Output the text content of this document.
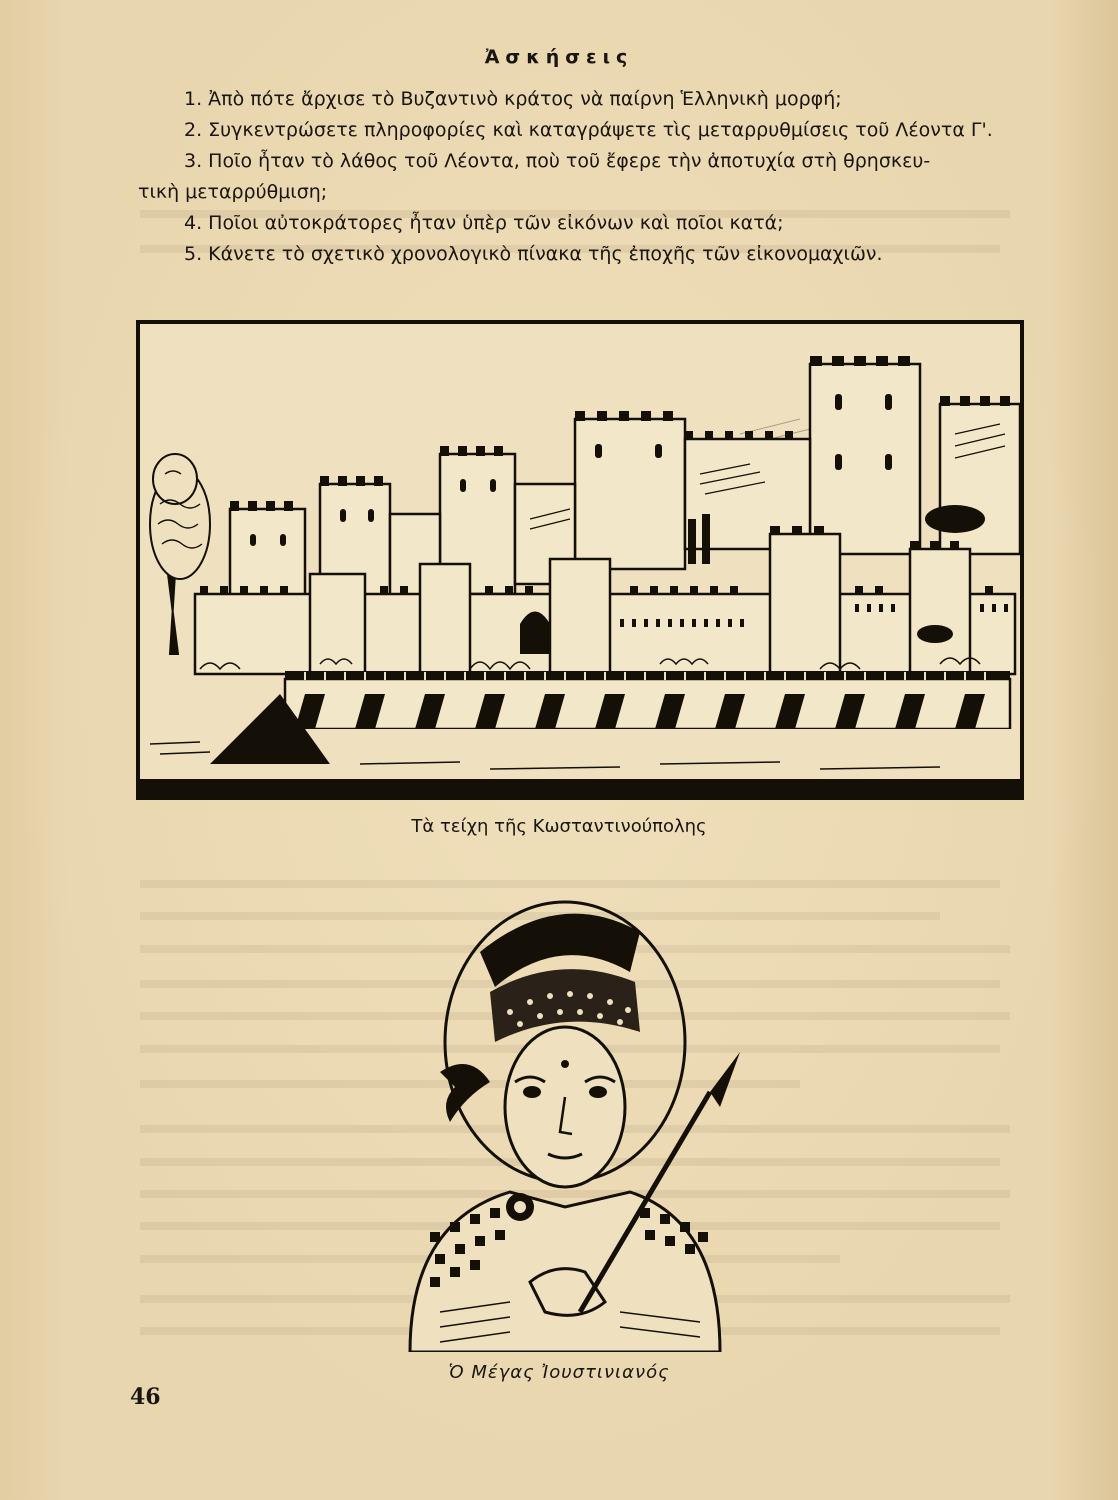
Ἀσκήσεις
1. Ἀπὸ πότε ἄρχισε τὸ Βυζαντινὸ κράτος νὰ παίρνη Ἑλληνικὴ μορφή;
2. Συγκεντρώσετε πληροφορίες καὶ καταγράψετε τὶς μεταρρυθμίσεις τοῦ Λέοντα Γ'.
3. Ποῖο ἦταν τὸ λάθος τοῦ Λέοντα, ποὺ τοῦ ἔφερε τὴν ἀποτυχία στὴ θρησκευ-
τικὴ μεταρρύθμιση;
4. Ποῖοι αὐτοκράτορες ἦταν ὑπὲρ τῶν εἰκόνων καὶ ποῖοι κατά;
5. Κάνετε τὸ σχετικὸ χρονολογικὸ πίνακα τῆς ἐποχῆς τῶν εἰκονομαχιῶν.
Τὰ τείχη τῆς Κωσταντινούπολης
Ὁ Μέγας Ἰουστινιανός
46
